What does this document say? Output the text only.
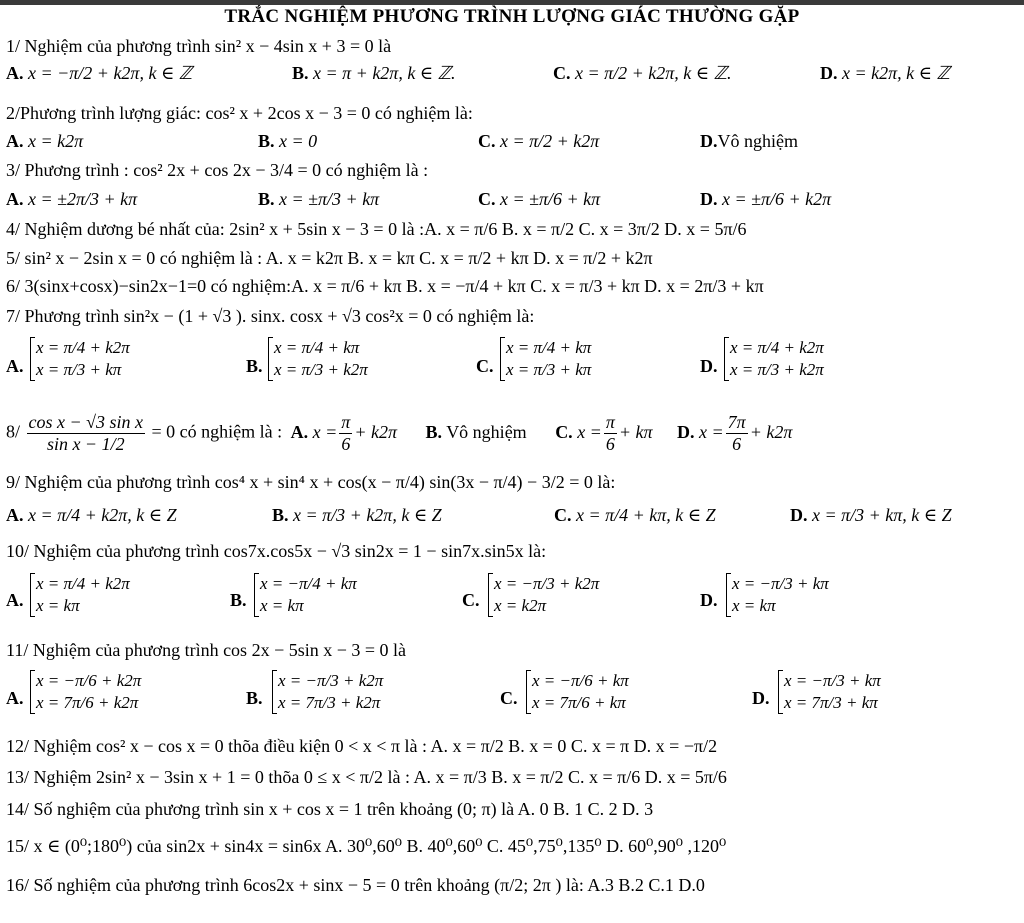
TRẮC NGHIỆM PHƯƠNG TRÌNH LƯỢNG GIÁC THƯỜNG GẶP
1/ Nghiệm của phương trình sin² x − 4sin x + 3 = 0 là
A. x = −π/2 + k2π, k ∈ ℤ	B. x = π + k2π, k ∈ ℤ.	C. x = π/2 + k2π, k ∈ ℤ.	D. x = k2π, k ∈ ℤ
2/Phương trình lượng giác: cos² x + 2cos x − 3 = 0 có nghiệm là:
A. x = k2π	B. x = 0	C. x = π/2 + k2π	D.Vô nghiệm
3/ Phương trình : cos² 2x + cos 2x − 3/4 = 0 có nghiệm là :
A. x = ±2π/3 + kπ	B. x = ±π/3 + kπ	C. x = ±π/6 + kπ	D. x = ±π/6 + k2π
4/ Nghiệm dương bé nhất của: 2sin² x + 5sin x − 3 = 0 là :A. x = π/6 B. x = π/2 C. x = 3π/2 D. x = 5π/6
5/ sin² x − 2sin x = 0 có nghiệm là : A. x = k2π B. x = kπ C. x = π/2 + kπ D. x = π/2 + k2π
6/ 3(sinx+cosx)−sin2x−1=0 có nghiệm:A. x = π/6 + kπ B. x = −π/4 + kπ C. x = π/3 + kπ D. x = 2π/3 + kπ
7/ Phương trình sin²x − (1 + √3 ). sinx. cosx + √3 cos²x = 0 có nghiệm là:
A.
x = π/4 + k2π
x = π/3 + kπ	B.
x = π/4 + kπ
x = π/3 + k2π	C.
x = π/4 + kπ
x = π/3 + kπ	D.
x = π/4 + k2π
x = π/3 + k2π
$8/ \frac{\text{cos x − √3 sin x}}{\text{sin x − 1/2}} = 0$ có nghiệm là : A. $x = \frac{\pi}{6} + k2\pi$ B. Vô nghiệm C. $x = \frac{\pi}{6} + k\pi$ D. $x = \frac{7\pi}{6} + k2\pi$
9/ Nghiệm của phương trình cos⁴ x + sin⁴ x + cos(x − π/4) sin(3x − π/4) − 3/2 = 0 là:
A. x = π/4 + k2π, k ∈ Z	B. x = π/3 + k2π, k ∈ Z	C. x = π/4 + kπ, k ∈ Z	D. x = π/3 + kπ, k ∈ Z
10/ Nghiệm của phương trình cos7x.cos5x − √3 sin2x = 1 − sin7x.sin5x là:
A.
x = π/4 + k2π
x = kπ	B.
x = −π/4 + kπ
x = kπ	C.
x = −π/3 + k2π
x = k2π	D.
x = −π/3 + kπ
x = kπ
11/ Nghiệm của phương trình cos 2x − 5sin x − 3 = 0 là
A.
x = −π/6 + k2π
x = 7π/6 + k2π	B.
x = −π/3 + k2π
x = 7π/3 + k2π	C.
x = −π/6 + kπ
x = 7π/6 + kπ	D.
x = −π/3 + kπ
x = 7π/3 + kπ
12/ Nghiệm cos² x − cos x = 0 thõa điều kiện 0 < x < π là : A. x = π/2 B. x = 0 C. x = π D. x = −π/2
13/ Nghiệm 2sin² x − 3sin x + 1 = 0 thõa 0 ≤ x < π/2 là : A. x = π/3 B. x = π/2 C. x = π/6 D. x = 5π/6
14/ Số nghiệm của phương trình sin x + cos x = 1 trên khoảng (0; π) là A. 0 B. 1 C. 2 D. 3
15/ x ∈ (0⁰;180⁰) của sin2x + sin4x = sin6x A. 30⁰,60⁰ B. 40⁰,60⁰ C. 45⁰,75⁰,135⁰ D. 60⁰,90⁰ ,120⁰
16/ Số nghiệm của phương trình 6cos2x + sinx − 5 = 0 trên khoảng (π/2; 2π ) là: A.3 B.2 C.1 D.0
